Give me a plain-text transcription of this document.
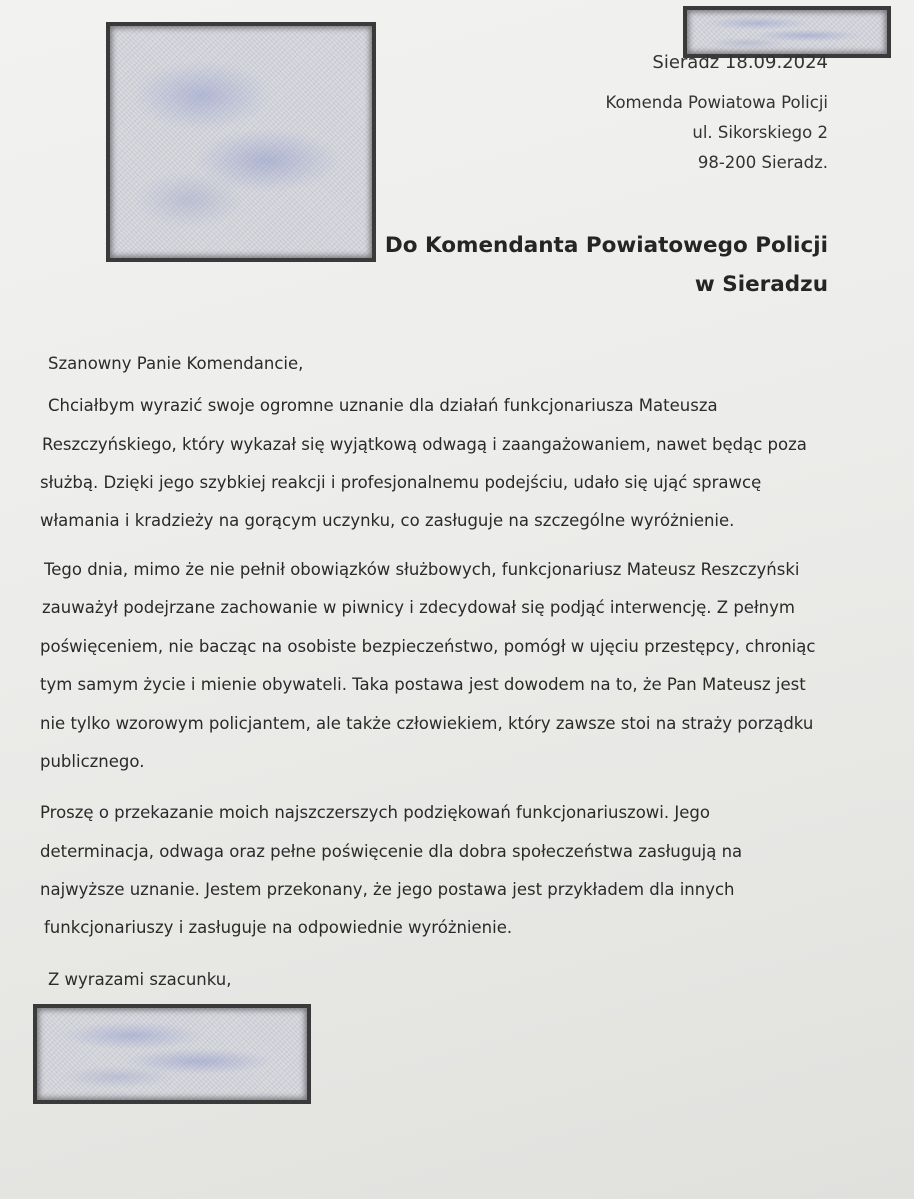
Sieradz 18.09.2024
Komenda Powiatowa Policji
ul. Sikorskiego 2
98-200 Sieradz.
Do Komendanta Powiatowego Policji
w Sieradzu
Szanowny Panie Komendancie,
Chciałbym wyrazić swoje ogromne uznanie dla działań funkcjonariusza Mateusza
Reszczyńskiego, który wykazał się wyjątkową odwagą i zaangażowaniem, nawet będąc poza
służbą. Dzięki jego szybkiej reakcji i profesjonalnemu podejściu, udało się ująć sprawcę
włamania i kradzieży na gorącym uczynku, co zasługuje na szczególne wyróżnienie.
Tego dnia, mimo że nie pełnił obowiązków służbowych, funkcjonariusz Mateusz Reszczyński
zauważył podejrzane zachowanie w piwnicy i zdecydował się podjąć interwencję. Z pełnym
poświęceniem, nie bacząc na osobiste bezpieczeństwo, pomógł w ujęciu przestępcy, chroniąc
tym samym życie i mienie obywateli. Taka postawa jest dowodem na to, że Pan Mateusz jest
nie tylko wzorowym policjantem, ale także człowiekiem, który zawsze stoi na straży porządku
publicznego.
Proszę o przekazanie moich najszczerszych podziękowań funkcjonariuszowi. Jego
determinacja, odwaga oraz pełne poświęcenie dla dobra społeczeństwa zasługują na
najwyższe uznanie. Jestem przekonany, że jego postawa jest przykładem dla innych
funkcjonariuszy i zasługuje na odpowiednie wyróżnienie.
Z wyrazami szacunku,
